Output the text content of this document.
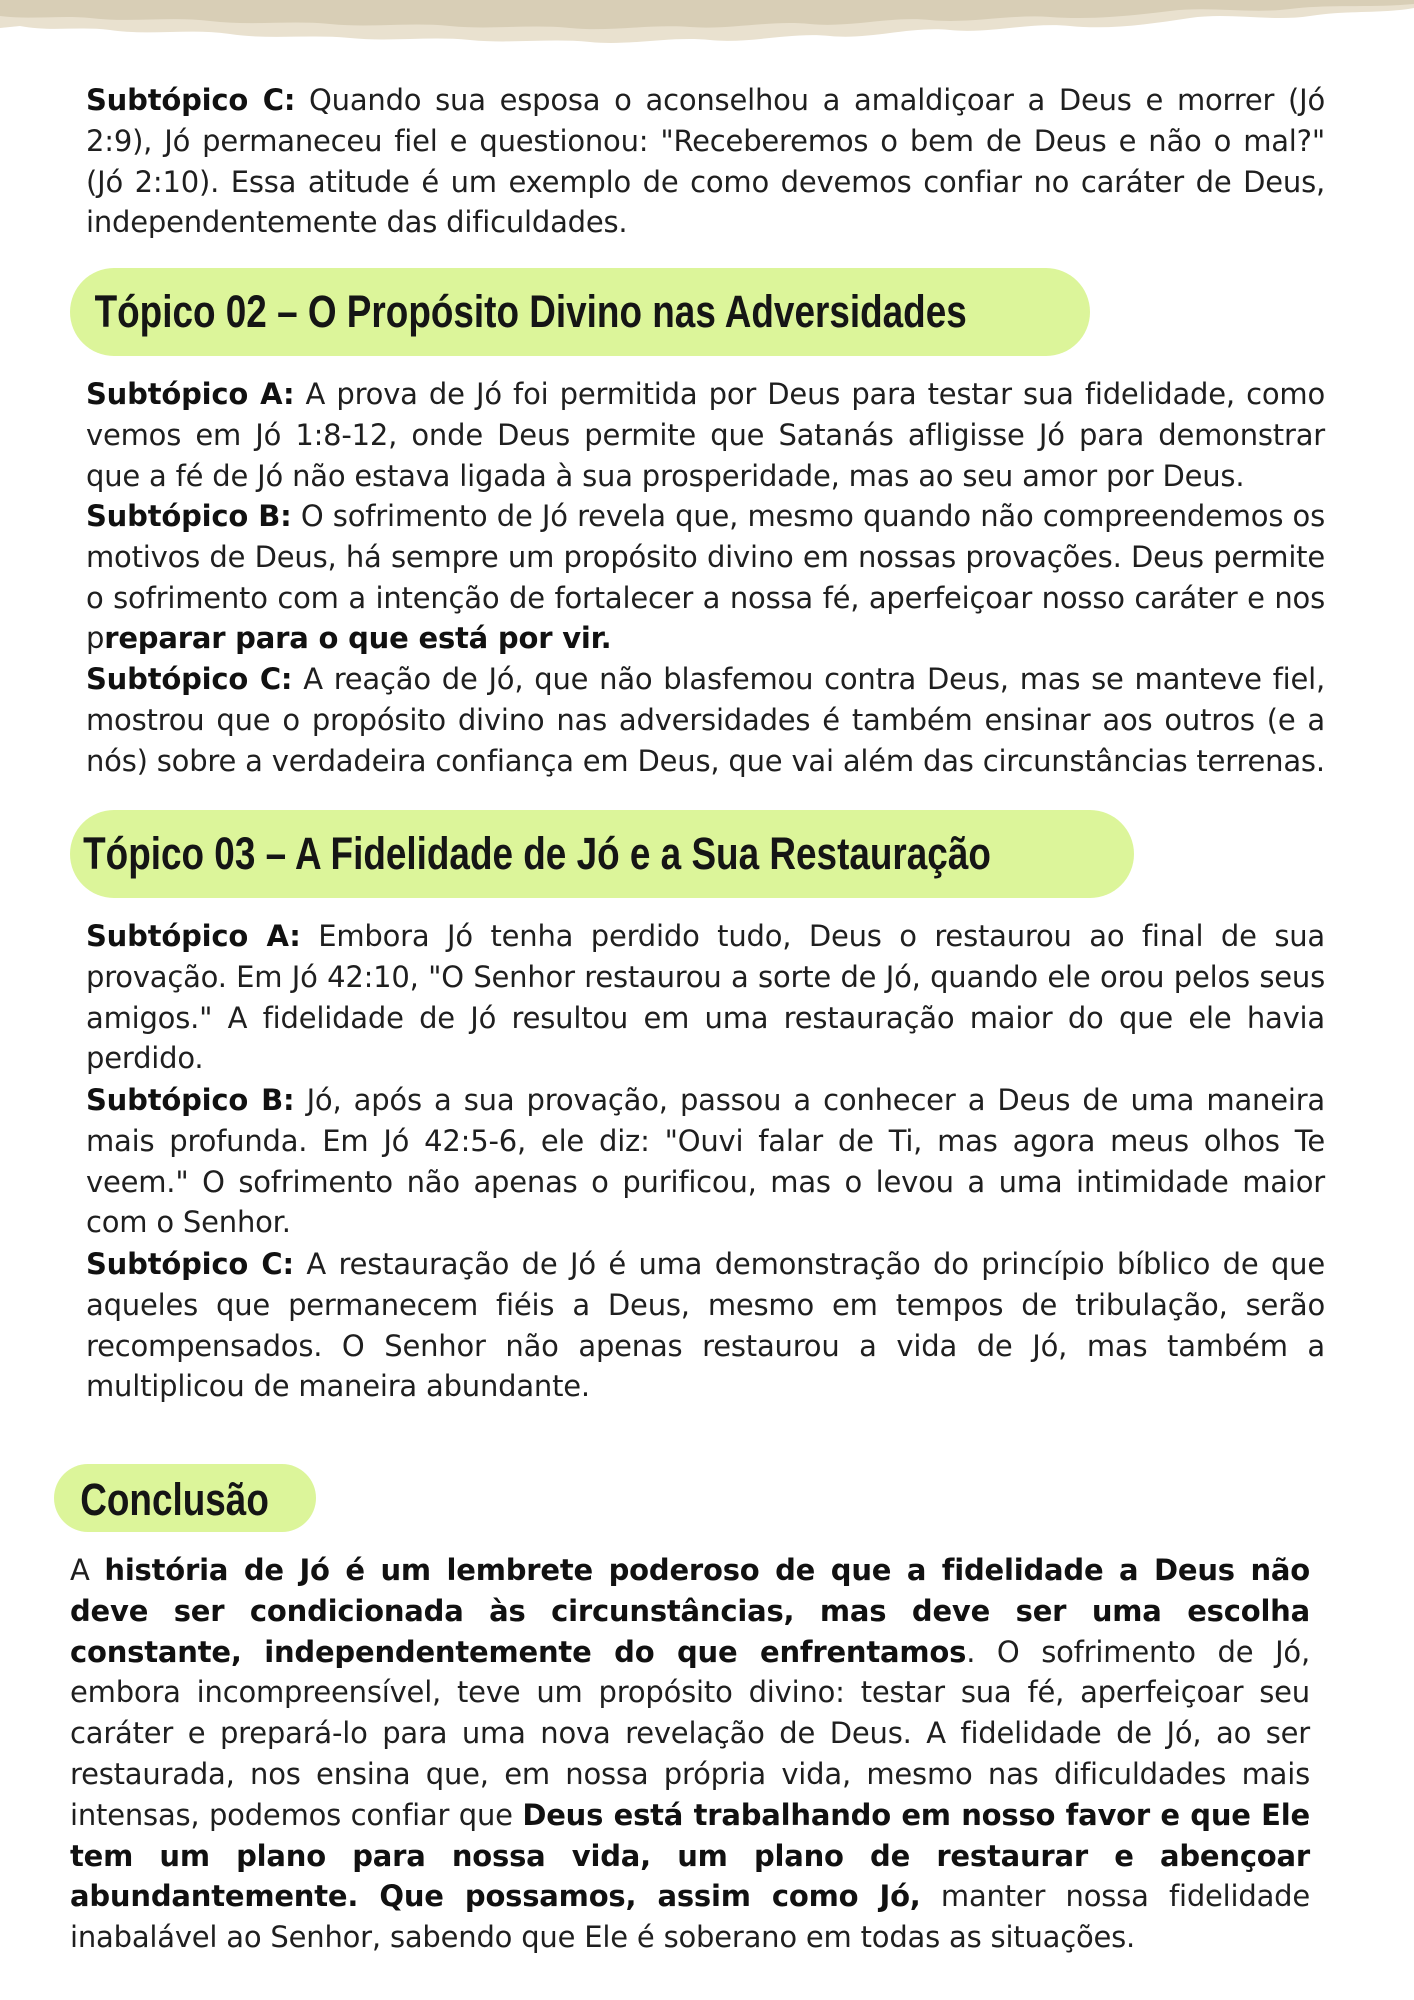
Subtópico C: Quando sua esposa o aconselhou a amaldiçoar a Deus e morrer (Jó 2:9), Jó permaneceu fiel e questionou: "Receberemos o bem de Deus e não o mal?" (Jó 2:10). Essa atitude é um exemplo de como devemos confiar no caráter de Deus, independentemente das dificuldades.

Tópico 02 – O Propósito Divino nas Adversidades

Subtópico A: A prova de Jó foi permitida por Deus para testar sua fidelidade, como vemos em Jó 1:8-12, onde Deus permite que Satanás afligisse Jó para demonstrar que a fé de Jó não estava ligada à sua prosperidade, mas ao seu amor por Deus.

Subtópico B: O sofrimento de Jó revela que, mesmo quando não compreendemos os motivos de Deus, há sempre um propósito divino em nossas provações. Deus permite o sofrimento com a intenção de fortalecer a nossa fé, aperfeiçoar nosso caráter e nos preparar para o que está por vir.

Subtópico C: A reação de Jó, que não blasfemou contra Deus, mas se manteve fiel, mostrou que o propósito divino nas adversidades é também ensinar aos outros (e a nós) sobre a verdadeira confiança em Deus, que vai além das circunstâncias terrenas.

Tópico 03 – A Fidelidade de Jó e a Sua Restauração

Subtópico A: Embora Jó tenha perdido tudo, Deus o restaurou ao final de sua provação. Em Jó 42:10, "O Senhor restaurou a sorte de Jó, quando ele orou pelos seus amigos." A fidelidade de Jó resultou em uma restauração maior do que ele havia perdido.

Subtópico B: Jó, após a sua provação, passou a conhecer a Deus de uma maneira mais profunda. Em Jó 42:5-6, ele diz: "Ouvi falar de Ti, mas agora meus olhos Te veem." O sofrimento não apenas o purificou, mas o levou a uma intimidade maior com o Senhor.

Subtópico C: A restauração de Jó é uma demonstração do princípio bíblico de que aqueles que permanecem fiéis a Deus, mesmo em tempos de tribulação, serão recompensados. O Senhor não apenas restaurou a vida de Jó, mas também a multiplicou de maneira abundante.

Conclusão

A história de Jó é um lembrete poderoso de que a fidelidade a Deus não deve ser condicionada às circunstâncias, mas deve ser uma escolha constante, independentemente do que enfrentamos. O sofrimento de Jó, embora incompreensível, teve um propósito divino: testar sua fé, aperfeiçoar seu caráter e prepará-lo para uma nova revelação de Deus. A fidelidade de Jó, ao ser restaurada, nos ensina que, em nossa própria vida, mesmo nas dificuldades mais intensas, podemos confiar que Deus está trabalhando em nosso favor e que Ele tem um plano para nossa vida, um plano de restaurar e abençoar abundantemente. Que possamos, assim como Jó, manter nossa fidelidade inabalável ao Senhor, sabendo que Ele é soberano em todas as situações.
